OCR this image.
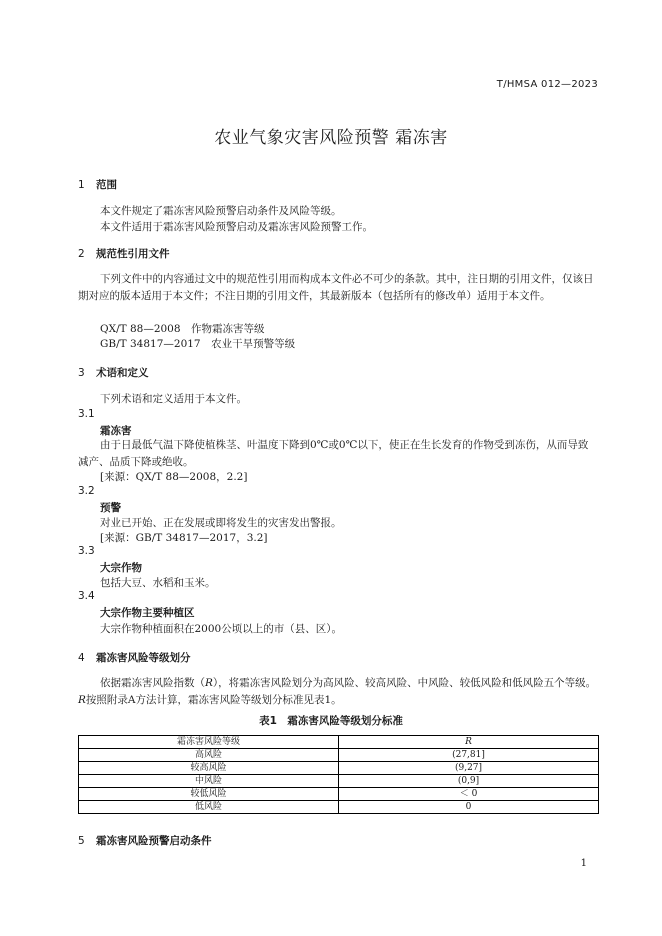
T/HMSA 012—2023
农业气象灾害风险预警 霜冻害
1 范围
本文件规定了霜冻害风险预警启动条件及风险等级。
本文件适用于霜冻害风险预警启动及霜冻害风险预警工作。
2 规范性引用文件
下列文件中的内容通过文中的规范性引用而构成本文件必不可少的条款。其中，注日期的引用文件，仅该日期对应的版本适用于本文件；不注日期的引用文件，其最新版本（包括所有的修改单）适用于本文件。
QX/T 88—2008　作物霜冻害等级
GB/T 34817—2017　农业干旱预警等级
3 术语和定义
下列术语和定义适用于本文件。
3.1
霜冻害
由于日最低气温下降使植株茎、叶温度下降到0℃或0℃以下，使正在生长发育的作物受到冻伤，从而导致减产、品质下降或绝收。
[来源：QX/T 88—2008，2.2]
3.2
预警
对业已开始、正在发展或即将发生的灾害发出警报。
[来源：GB/T 34817—2017，3.2]
3.3
大宗作物
包括大豆、水稻和玉米。
3.4
大宗作物主要种植区
大宗作物种植面积在2000公顷以上的市（县、区）。
4 霜冻害风险等级划分
依据霜冻害风险指数（R），将霜冻害风险划分为高风险、较高风险、中风险、较低风险和低风险五个等级。R按照附录A方法计算，霜冻害风险等级划分标准见表1。
表1　霜冻害风险等级划分标准
霜冻害风险等级	R
高风险	(27,81]
较高风险	(9,27]
中风险	(0,9]
较低风险	＜ 0
低风险	0
5 霜冻害风险预警启动条件
1
